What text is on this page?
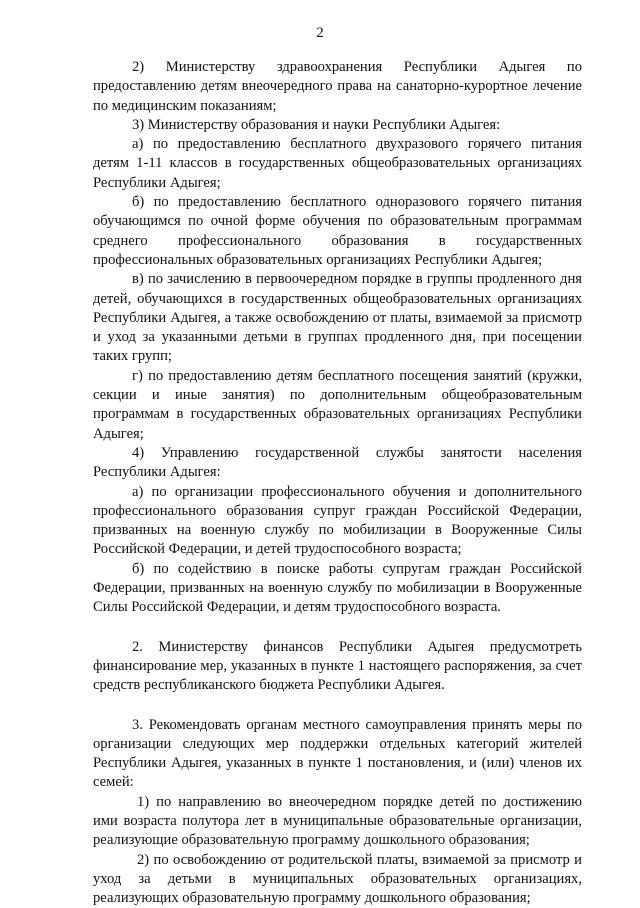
2

2) Министерству здравоохранения Республики Адыгея по предоставлению детям внеочередного права на санаторно-курортное лечение по медицинским показаниям;

3) Министерству образования и науки Республики Адыгея:

а) по предоставлению бесплатного двухразового горячего питания детям 1-11 классов в государственных общеобразовательных организациях Республики Адыгея;

б) по предоставлению бесплатного одноразового горячего питания обучающимся по очной форме обучения по образовательным программам среднего профессионального образования в государственных профессиональных образовательных организациях Республики Адыгея;

в) по зачислению в первоочередном порядке в группы продленного дня детей, обучающихся в государственных общеобразовательных организациях Республики Адыгея, а также освобождению от платы, взимаемой за присмотр и уход за указанными детьми в группах продленного дня, при посещении таких групп;

г) по предоставлению детям бесплатного посещения занятий (кружки, секции и иные занятия) по дополнительным общеобразовательным программам в государственных образовательных организациях Республики Адыгея;

4) Управлению государственной службы занятости населения Республики Адыгея:

а) по организации профессионального обучения и дополнительного профессионального образования супруг граждан Российской Федерации, призванных на военную службу по мобилизации в Вооруженные Силы Российской Федерации, и детей трудоспособного возраста;

б) по содействию в поиске работы супругам граждан Российской Федерации, призванных на военную службу по мобилизации в Вооруженные Силы Российской Федерации, и детям трудоспособного возраста.

2. Министерству финансов Республики Адыгея предусмотреть финансирование мер, указанных в пункте 1 настоящего распоряжения, за счет средств республиканского бюджета Республики Адыгея.

3. Рекомендовать органам местного самоуправления принять меры по организации следующих мер поддержки отдельных категорий жителей Республики Адыгея, указанных в пункте 1 постановления, и (или) членов их семей:

1) по направлению во внеочередном порядке детей по достижению ими возраста полутора лет в муниципальные образовательные организации, реализующие образовательную программу дошкольного образования;

2) по освобождению от родительской платы, взимаемой за присмотр и уход за детьми в муниципальных образовательных организациях, реализующих образовательную программу дошкольного образования;
